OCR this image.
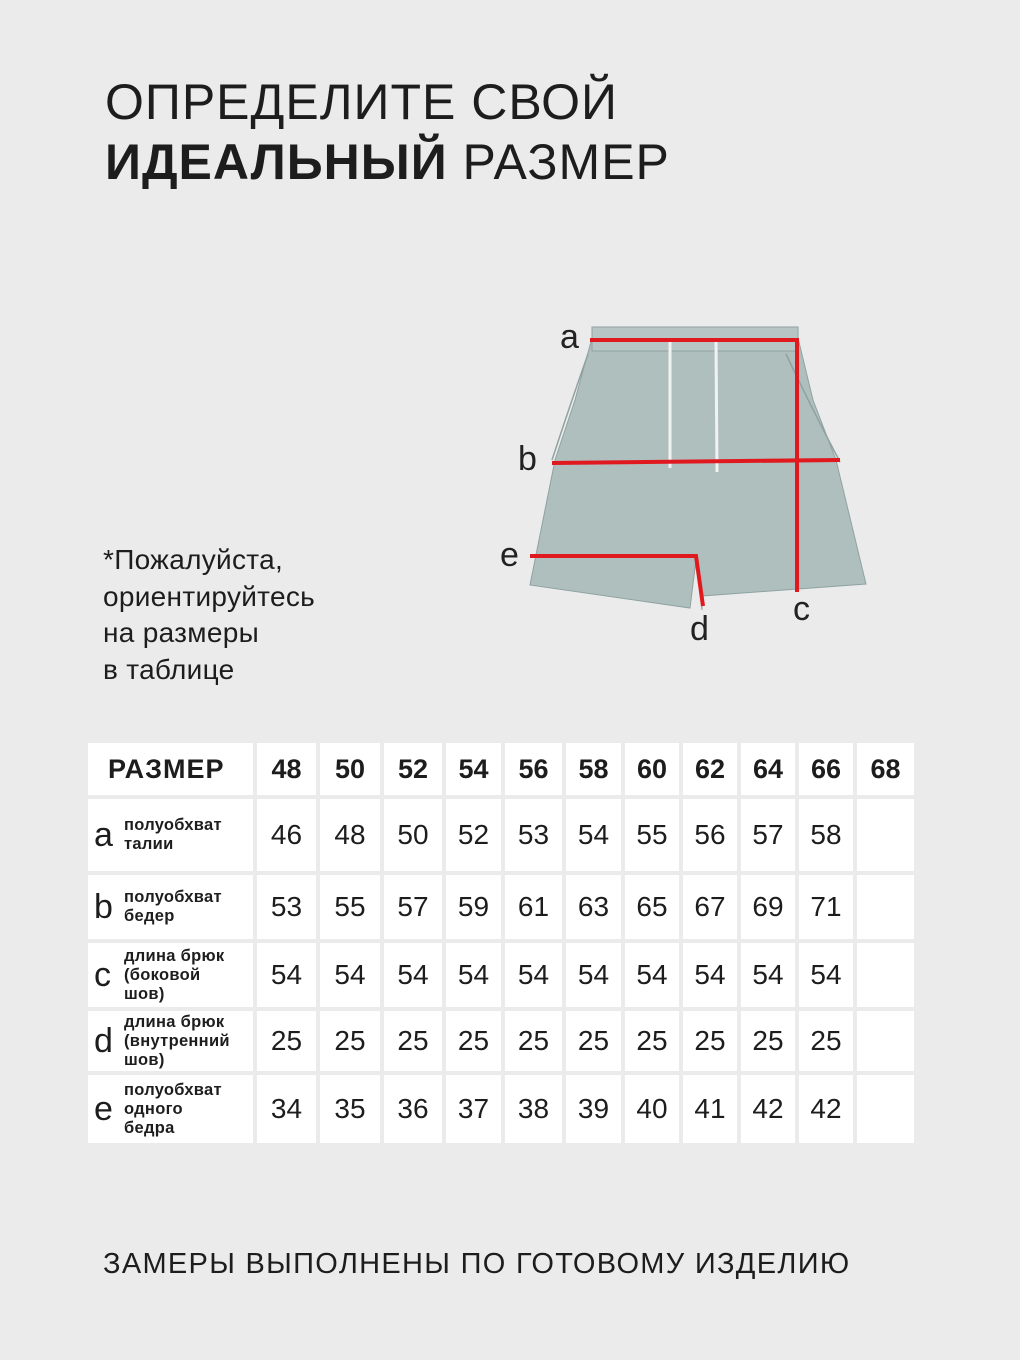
ОПРЕДЕЛИТЕ СВОЙ
ИДЕАЛЬНЫЙ РАЗМЕР
*Пожалуйста,
ориентируйтесь
на размеры
в таблице
a
b
e
c
d
РАЗМЕР	48	50	52	54	56	58	60	62	64	66	68
a полуобхват
талии	46	48	50	52	53	54 55 56 57 58
b полуобхват
бедер	53	55	57	59	61	63 65 67 69 71
c
длина брюк
(боковой
шов)
54	54	54	54	54	54 54 54 54 54
d
длина брюк
(внутренний
шов)
25	25	25	25	25	25 25 25 25 25
e
полуобхват
одного
бедра
34	35	36	37	38	39 40 41 42 42
ЗАМЕРЫ ВЫПОЛНЕНЫ ПО ГОТОВОМУ ИЗДЕЛИЮ
